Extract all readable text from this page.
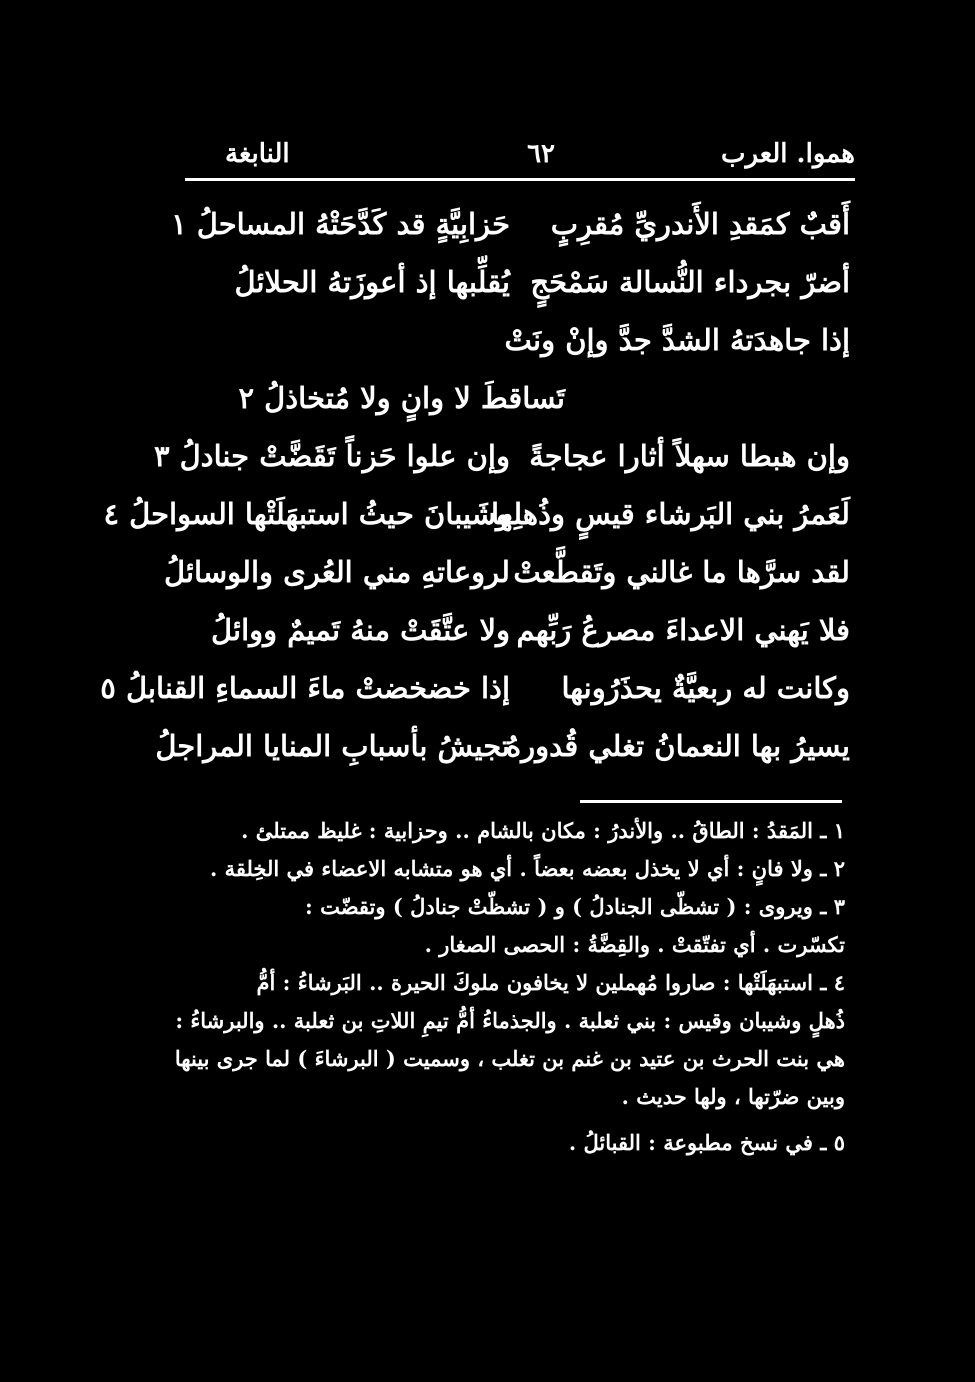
هموا. العرب
٦٢
النابغة
أَقبٌ كمَقدِ الأَندريِّ مُقرِبٍ
حَزابِيَّةٍ قد كَدَّحَتْهُ المساحلُ ١
أضرّ بجرداء النُّسالة سَمْحَجٍ
يُقلِّبها إذ أعوزَتهُ الحلائلُ
إذا جاهدَتهُ الشدَّ جدَّ وإنْ ونَتْ
تَساقطَ لا وانٍ ولا مُتخاذلُ ٢
وإن هبطا سهلاً أثارا عجاجةً
وإن علوا حَزناً تَقَضَّتْ جنادلُ ٣
لَعَمرُ بني البَرشاء قيسٍ وذُهلِها
وشَيبانَ حيثُ استبهَلَتْها السواحلُ ٤
لقد سرَّها ما غالني وتَقطَّعتْ
لروعاتهِ مني العُرى والوسائلُ
فلا يَهني الاعداءَ مصرعُ رَبِّهم
ولا عتَّقَتْ منهُ تَميمٌ ووائلُ
وكانت له ربعيَّةٌ يحذَرُونها
إذا خضخضتْ ماءَ السماءِ القنابلُ ٥
يسيرُ بها النعمانُ تغلي قُدورهُ
تجيشُ بأسبابِ المنايا المراجلُ
١ ـ المَقدُ : الطاقُ .. والأندرُ : مكان بالشام .. وحزابية : غليظ ممتلئ .
٢ ـ ولا فانٍ : أي لا يخذل بعضه بعضاً . أي هو متشابه الاعضاء في الخِلقة .
٣ ـ ويروى : ( تشظّى الجنادلُ ) و ( تشظّتْ جنادلُ ) وتقضّت :
تكسّرت . أي تفتّقتْ . والقِضَّةُ : الحصى الصغار .
٤ ـ استبهَلَتْها : صاروا مُهملين لا يخافون ملوكَ الحيرة .. البَرشاءُ : أمُّ
ذُهلٍ وشيبان وقيس : بني ثعلبة . والجذماءُ أمُّ تيمِ اللاتِ بن ثعلبة .. والبرشاءُ :
هي بنت الحرث بن عتيد بن غنم بن تغلب ، وسميت ( البرشاءَ ) لما جرى بينها
وبين ضرّتها ، ولها حديث .
٥ ـ في نسخ مطبوعة : القبائلُ .
